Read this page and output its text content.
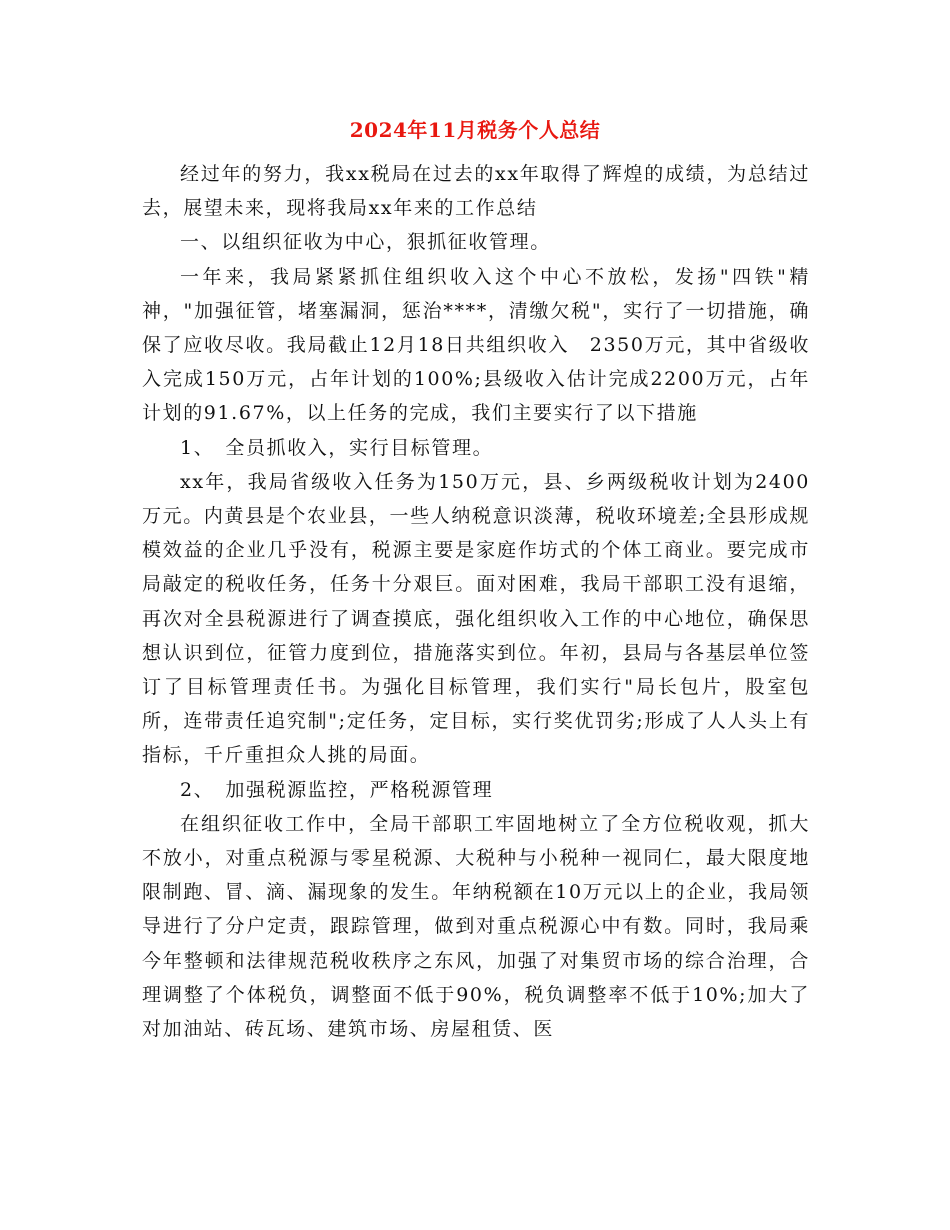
2024年11月税务个人总结

经过年的努力，我xx税局在过去的xx年取得了辉煌的成绩，为总结过去，展望未来，现将我局xx年来的工作总结

一、以组织征收为中心，狠抓征收管理。

一年来，我局紧紧抓住组织收入这个中心不放松，发扬"四铁"精神，"加强征管，堵塞漏洞，惩治****，清缴欠税"，实行了一切措施，确保了应收尽收。我局截止12月18日共组织收入　2350万元，其中省级收入完成150万元，占年计划的100%;县级收入估计完成2200万元，占年计划的91.67%，以上任务的完成，我们主要实行了以下措施

1、　全员抓收入，实行目标管理。

xx年，我局省级收入任务为150万元，县、乡两级税收计划为2400万元。内黄县是个农业县，一些人纳税意识淡薄，税收环境差;全县形成规模效益的企业几乎没有，税源主要是家庭作坊式的个体工商业。要完成市局敲定的税收任务，任务十分艰巨。面对困难，我局干部职工没有退缩，再次对全县税源进行了调查摸底，强化组织收入工作的中心地位，确保思想认识到位，征管力度到位，措施落实到位。年初，县局与各基层单位签订了目标管理责任书。为强化目标管理，我们实行"局长包片，股室包所，连带责任追究制";定任务，定目标，实行奖优罚劣;形成了人人头上有指标，千斤重担众人挑的局面。

2、　加强税源监控，严格税源管理

在组织征收工作中，全局干部职工牢固地树立了全方位税收观，抓大不放小，对重点税源与零星税源、大税种与小税种一视同仁，最大限度地限制跑、冒、滴、漏现象的发生。年纳税额在10万元以上的企业，我局领导进行了分户定责，跟踪管理，做到对重点税源心中有数。同时，我局乘今年整顿和法律规范税收秩序之东风，加强了对集贸市场的综合治理，合理调整了个体税负，调整面不低于90%，税负调整率不低于10%;加大了对加油站、砖瓦场、建筑市场、房屋租赁、医
